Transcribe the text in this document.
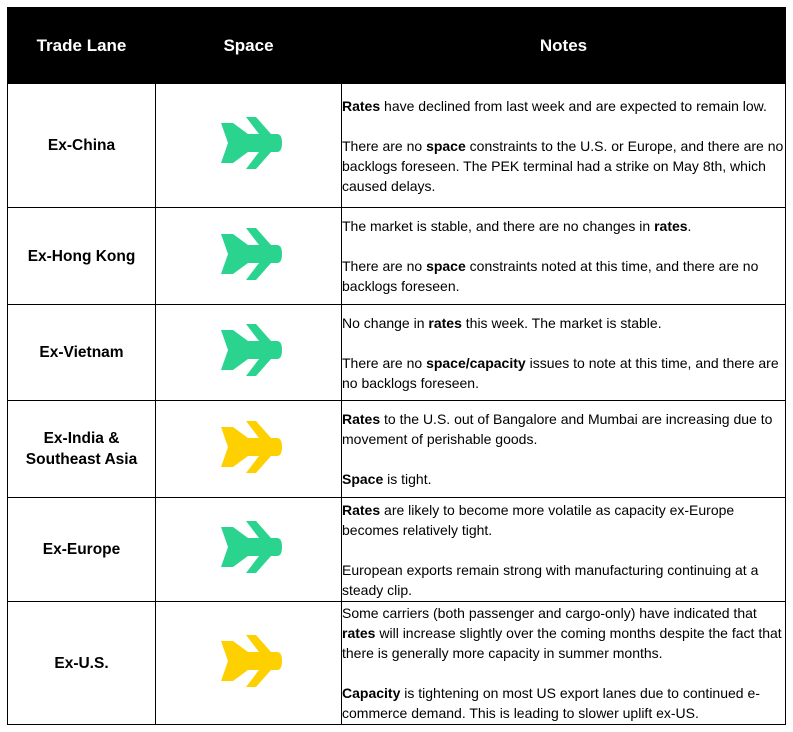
Trade Lane	Space	Notes
Ex-China		Rates have declined from last week and are expected to remain low.

There are no space constraints to the U.S. or Europe, and there are no backlogs foreseen. The PEK terminal had a strike on May 8th, which caused delays.

Ex-Hong Kong		The market is stable, and there are no changes in rates.

There are no space constraints noted at this time, and there are no backlogs foreseen.

Ex-Vietnam		No change in rates this week. The market is stable.

There are no space/capacity issues to note at this time, and there are no backlogs foreseen.

Ex-India & Southeast Asia		Rates to the U.S. out of Bangalore and Mumbai are increasing due to movement of perishable goods.

Space is tight.

Ex-Europe		Rates are likely to become more volatile as capacity ex-Europe becomes relatively tight.

European exports remain strong with manufacturing continuing at a steady clip.

Ex-U.S.		Some carriers (both passenger and cargo-only) have indicated that rates will increase slightly over the coming months despite the fact that there is generally more capacity in summer months.

Capacity is tightening on most US export lanes due to continued e-commerce demand. This is leading to slower uplift ex-US.
